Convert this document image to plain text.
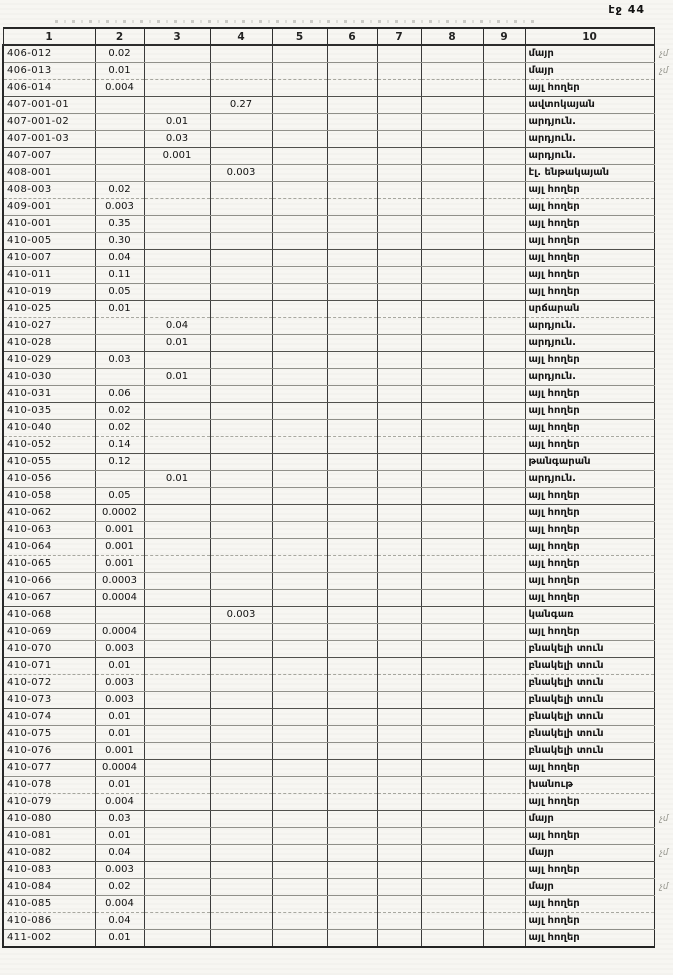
էջ 44
1	2	3	4	5	6	7	8	9	10	
406-012	0.02								մայր	չմ
406-013	0.01								մայր	չմ
406-014	0.004								այլ հողեր	
407-001-01			0.27						ավտոկայան	
407-001-02		0.01							արդյուն.	
407-001-03		0.03							արդյուն.	
407-007		0.001							արդյուն.	
408-001			0.003						էլ. ենթակայան	
408-003	0.02								այլ հողեր	
409-001	0.003								այլ հողեր	
410-001	0.35								այլ հողեր	
410-005	0.30								այլ հողեր	
410-007	0.04								այլ հողեր	
410-011	0.11								այլ հողեր	
410-019	0.05								այլ հողեր	
410-025	0.01								սրճարան	
410-027		0.04							արդյուն.	
410-028		0.01							արդյուն.	
410-029	0.03								այլ հողեր	
410-030		0.01							արդյուն.	
410-031	0.06								այլ հողեր	
410-035	0.02								այլ հողեր	
410-040	0.02								այլ հողեր	
410-052	0.14								այլ հողեր	
410-055	0.12								թանգարան	
410-056		0.01							արդյուն.	
410-058	0.05								այլ հողեր	
410-062	0.0002								այլ հողեր	
410-063	0.001								այլ հողեր	
410-064	0.001								այլ հողեր	
410-065	0.001								այլ հողեր	
410-066	0.0003								այլ հողեր	
410-067	0.0004								այլ հողեր	
410-068			0.003						կանգառ	
410-069	0.0004								այլ հողեր	
410-070	0.003								բնակելի տուն	
410-071	0.01								բնակելի տուն	
410-072	0.003								բնակելի տուն	
410-073	0.003								բնակելի տուն	
410-074	0.01								բնակելի տուն	
410-075	0.01								բնակելի տուն	
410-076	0.001								բնակելի տուն	
410-077	0.0004								այլ հողեր	
410-078	0.01								խանութ	
410-079	0.004								այլ հողեր	
410-080	0.03								մայր	չմ
410-081	0.01								այլ հողեր	
410-082	0.04								մայր	չմ
410-083	0.003								այլ հողեր	
410-084	0.02								մայր	չմ
410-085	0.004								այլ հողեր	
410-086	0.04								այլ հողեր	
411-002	0.01								այլ հողեր	
